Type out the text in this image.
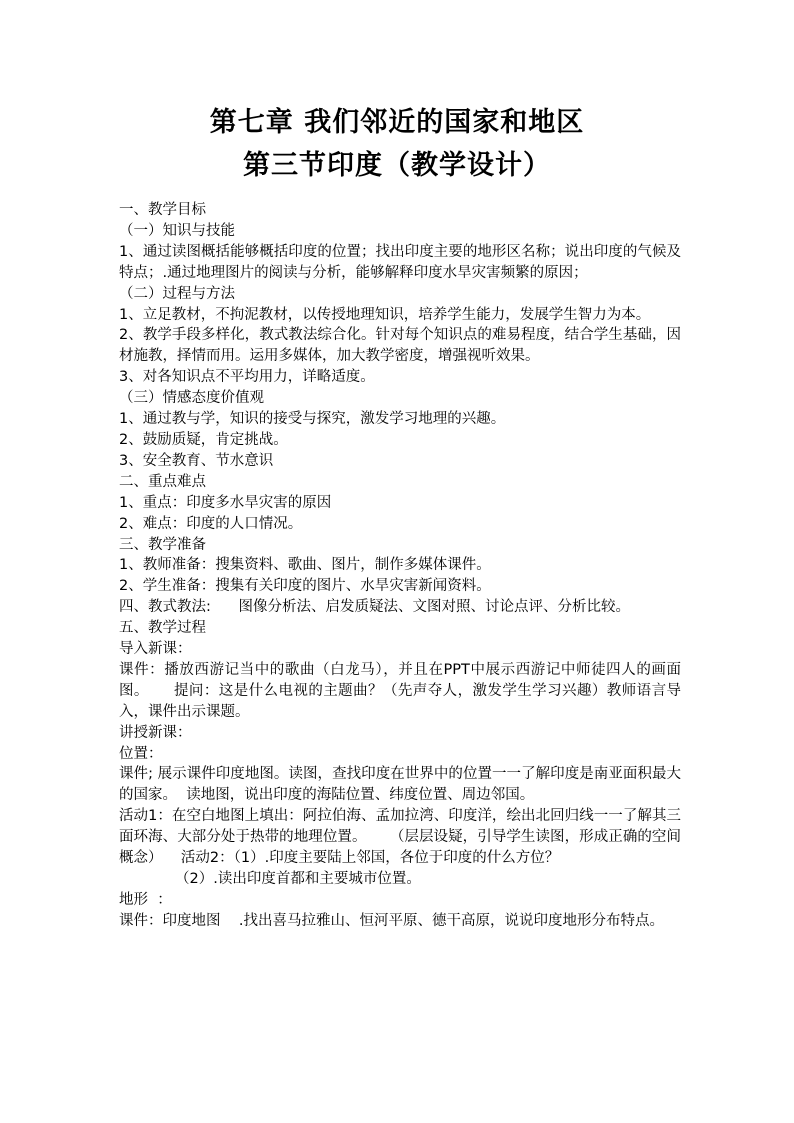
第七章 我们邻近的国家和地区
第三节印度（教学设计）

一、教学目标

（一）知识与技能

1、通过读图概括能够概括印度的位置；找出印度主要的地形区名称；说出印度的气候及特点；.通过地理图片的阅读与分析，能够解释印度水旱灾害频繁的原因；

（二）过程与方法

1、立足教材，不拘泥教材，以传授地理知识，培养学生能力，发展学生智力为本。

2、教学手段多样化，教式教法综合化。针对每个知识点的难易程度，结合学生基础，因材施教，择情而用。运用多媒体，加大教学密度，增强视听效果。

3、对各知识点不平均用力，详略适度。

（三）情感态度价值观

1、通过教与学，知识的接受与探究，激发学习地理的兴趣。

2、鼓励质疑，肯定挑战。

3、安全教育、节水意识

二、重点难点

1、重点：印度多水旱灾害的原因

2、难点：印度的人口情况。

三、教学准备

1、教师准备：搜集资料、歌曲、图片，制作多媒体课件。

2、学生准备：搜集有关印度的图片、水旱灾害新闻资料。

四、教式教法:      图像分析法、启发质疑法、文图对照、讨论点评、分析比较。

五、教学过程

导入新课：

课件：播放西游记当中的歌曲（白龙马），并且在PPT中展示西游记中师徒四人的画面图。     提问：这是什么电视的主题曲？（先声夺人，激发学生学习兴趣）教师语言导入，课件出示课题。

讲授新课：

位置：

课件; 展示课件印度地图。读图，查找印度在世界中的位置一一了解印度是南亚面积最大的国家。  读地图，说出印度的海陆位置、纬度位置、周边邻国。

活动1：在空白地图上填出：阿拉伯海、孟加拉湾、印度洋，绘出北回归线一一了解其三面环海、大部分处于热带的地理位置。     （层层设疑，引导学生读图，形成正确的空间概念）    活动2：（1）.印度主要陆上邻国，各位于印度的什么方位？

（2）.读出印度首都和主要城市位置。

地形  ：

课件：印度地图    .找出喜马拉雅山、恒河平原、德干高原，说说印度地形分布特点。
